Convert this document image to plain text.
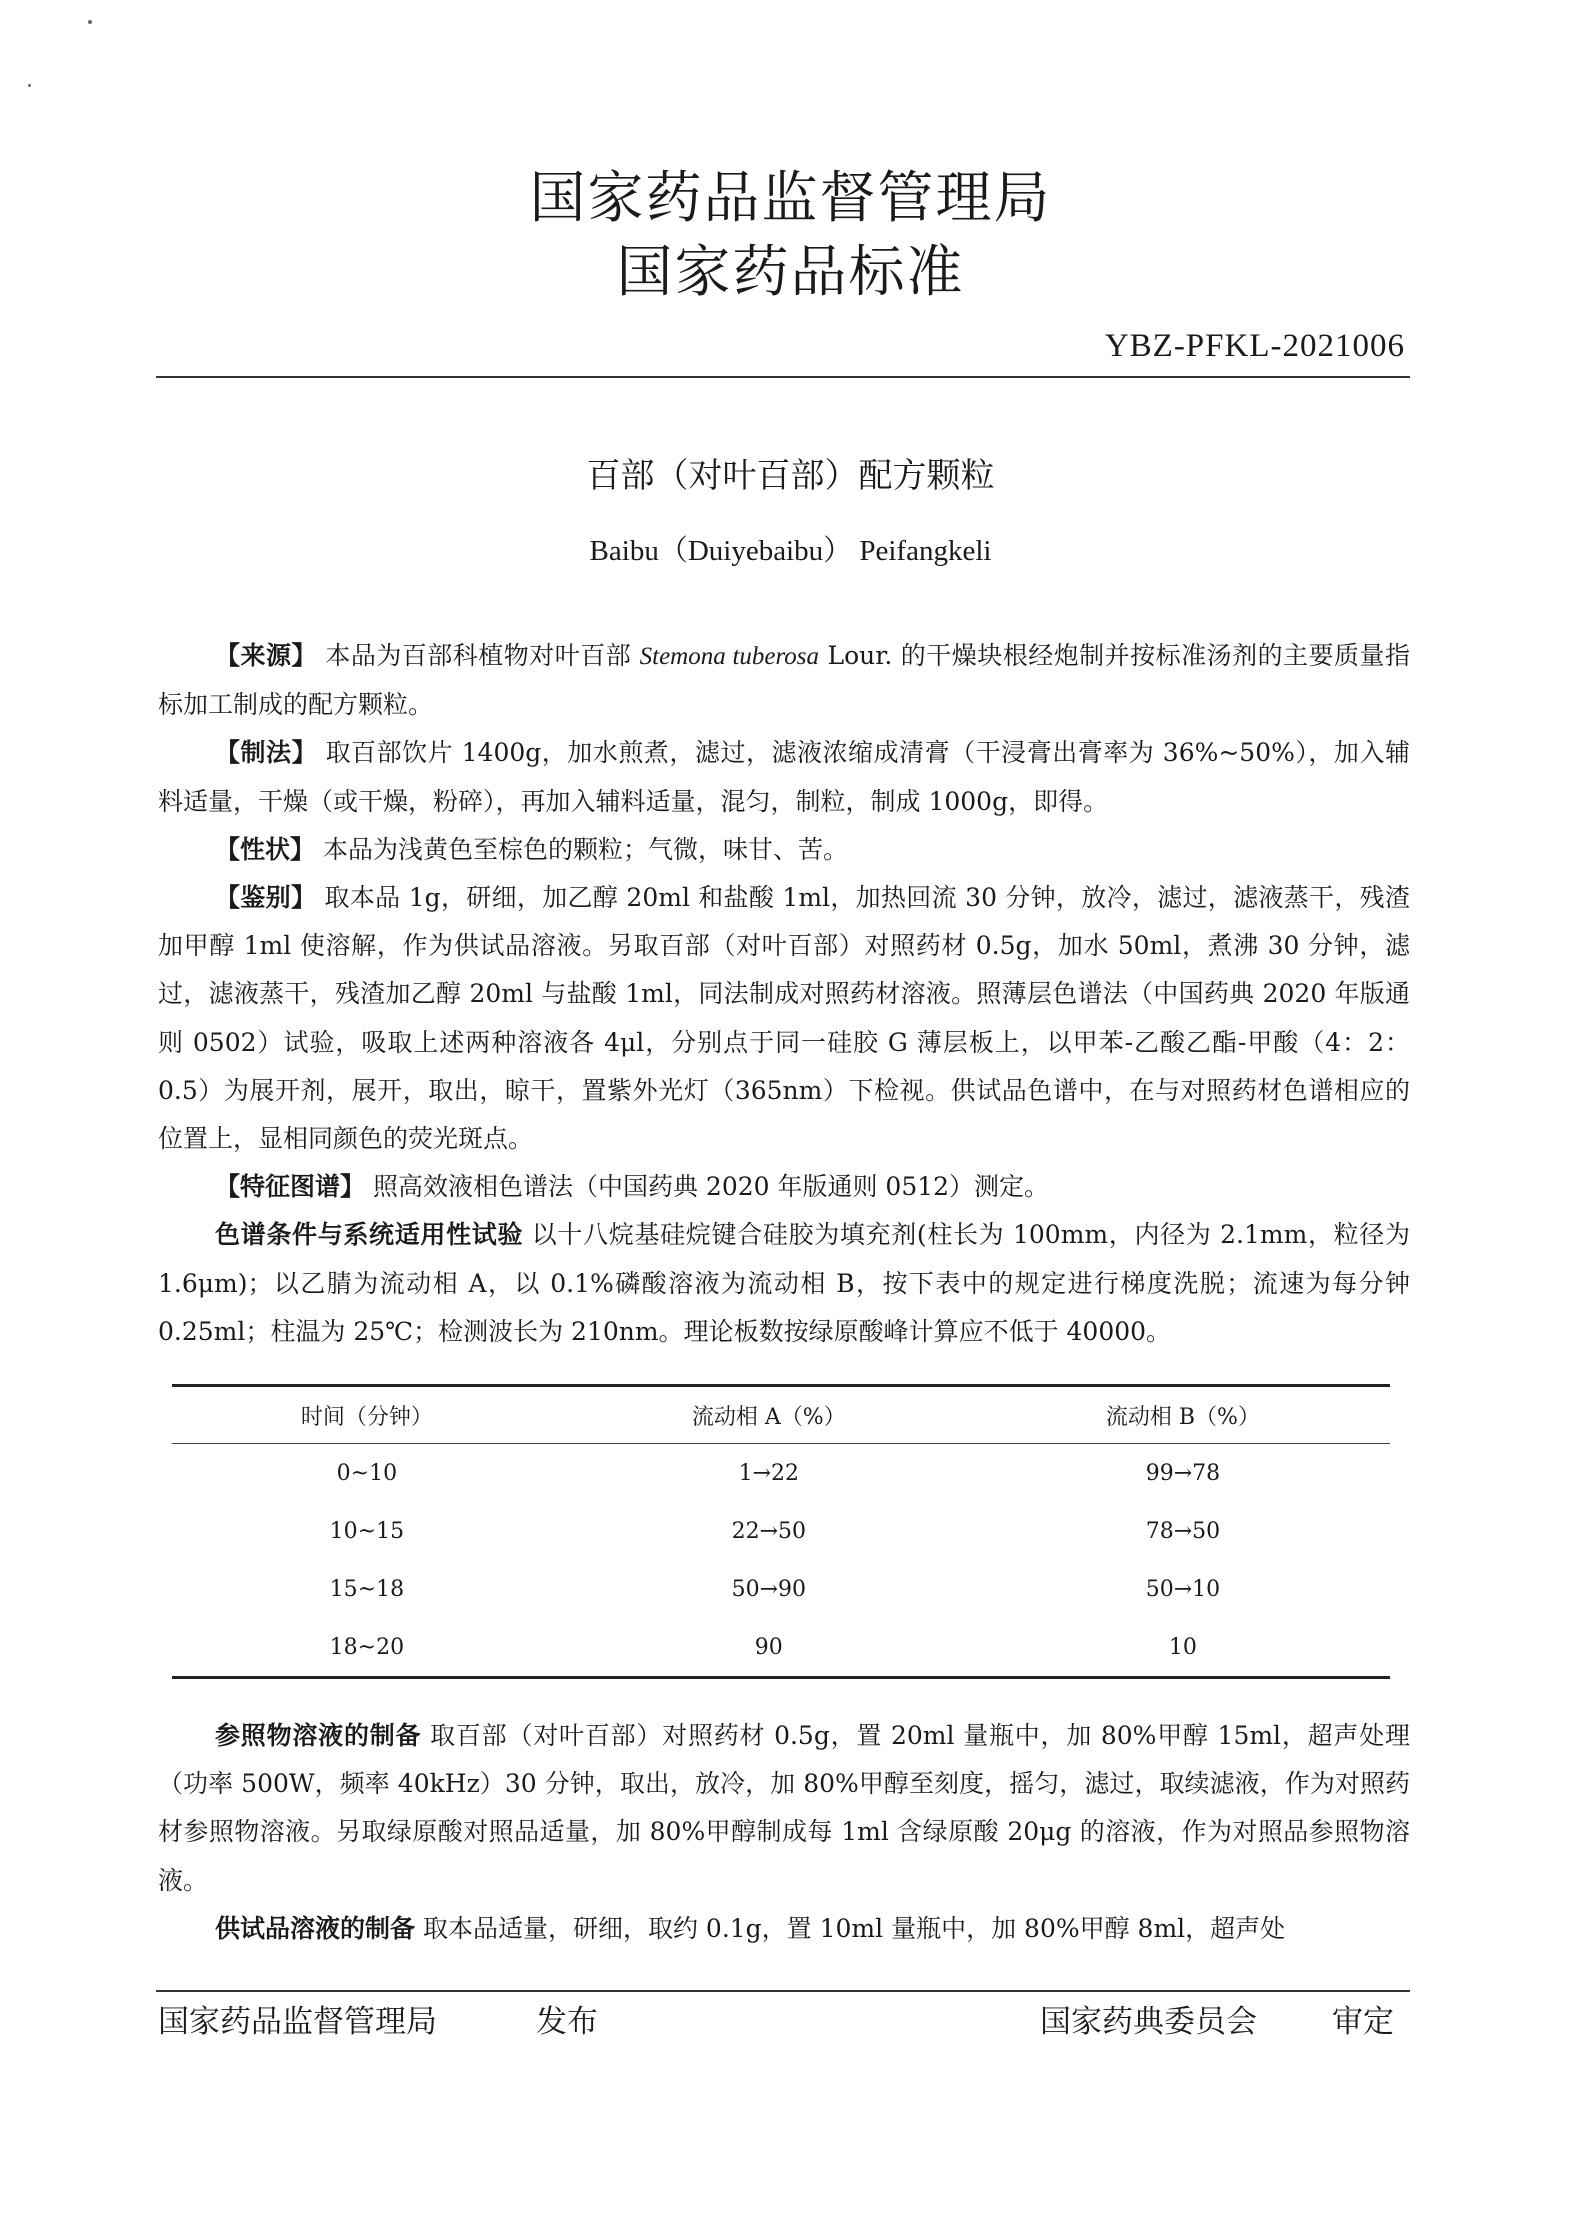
国家药品监督管理局
国家药品标准
YBZ-PFKL-2021006
百部（对叶百部）配方颗粒
Baibu（Duiyebaibu） Peifangkeli

【来源】 本品为百部科植物对叶百部 Stemona tuberosa Lour. 的干燥块根经炮制并按标准汤剂的主要质量指标加工制成的配方颗粒。

【制法】 取百部饮片 1400g，加水煎煮，滤过，滤液浓缩成清膏（干浸膏出膏率为 36%~50%），加入辅料适量，干燥（或干燥，粉碎），再加入辅料适量，混匀，制粒，制成 1000g，即得。

【性状】 本品为浅黄色至棕色的颗粒；气微，味甘、苦。

【鉴别】 取本品 1g，研细，加乙醇 20ml 和盐酸 1ml，加热回流 30 分钟，放冷，滤过，滤液蒸干，残渣加甲醇 1ml 使溶解，作为供试品溶液。另取百部（对叶百部）对照药材 0.5g，加水 50ml，煮沸 30 分钟，滤过，滤液蒸干，残渣加乙醇 20ml 与盐酸 1ml，同法制成对照药材溶液。照薄层色谱法（中国药典 2020 年版通则 0502）试验，吸取上述两种溶液各 4μl，分别点于同一硅胶 G 薄层板上，以甲苯-乙酸乙酯-甲酸（4：2：0.5）为展开剂，展开，取出，晾干，置紫外光灯（365nm）下检视。供试品色谱中，在与对照药材色谱相应的位置上，显相同颜色的荧光斑点。

【特征图谱】 照高效液相色谱法（中国药典 2020 年版通则 0512）测定。

色谱条件与系统适用性试验 以十八烷基硅烷键合硅胶为填充剂(柱长为 100mm，内径为 2.1mm，粒径为 1.6μm)；以乙腈为流动相 A，以 0.1%磷酸溶液为流动相 B，按下表中的规定进行梯度洗脱；流速为每分钟 0.25ml；柱温为 25℃；检测波长为 210nm。理论板数按绿原酸峰计算应不低于 40000。

时间（分钟）	流动相 A（%）	流动相 B（%）
0~10	1→22	99→78
10~15	22→50	78→50
15~18	50→90	50→10
18~20	90	10

参照物溶液的制备 取百部（对叶百部）对照药材 0.5g，置 20ml 量瓶中，加 80%甲醇 15ml，超声处理（功率 500W，频率 40kHz）30 分钟，取出，放冷，加 80%甲醇至刻度，摇匀，滤过，取续滤液，作为对照药材参照物溶液。另取绿原酸对照品适量，加 80%甲醇制成每 1ml 含绿原酸 20μg 的溶液，作为对照品参照物溶液。

供试品溶液的制备 取本品适量，研细，取约 0.1g，置 10ml 量瓶中，加 80%甲醇 8ml，超声处

国家药品监督管理局	发布	国家药典委员会 审定
